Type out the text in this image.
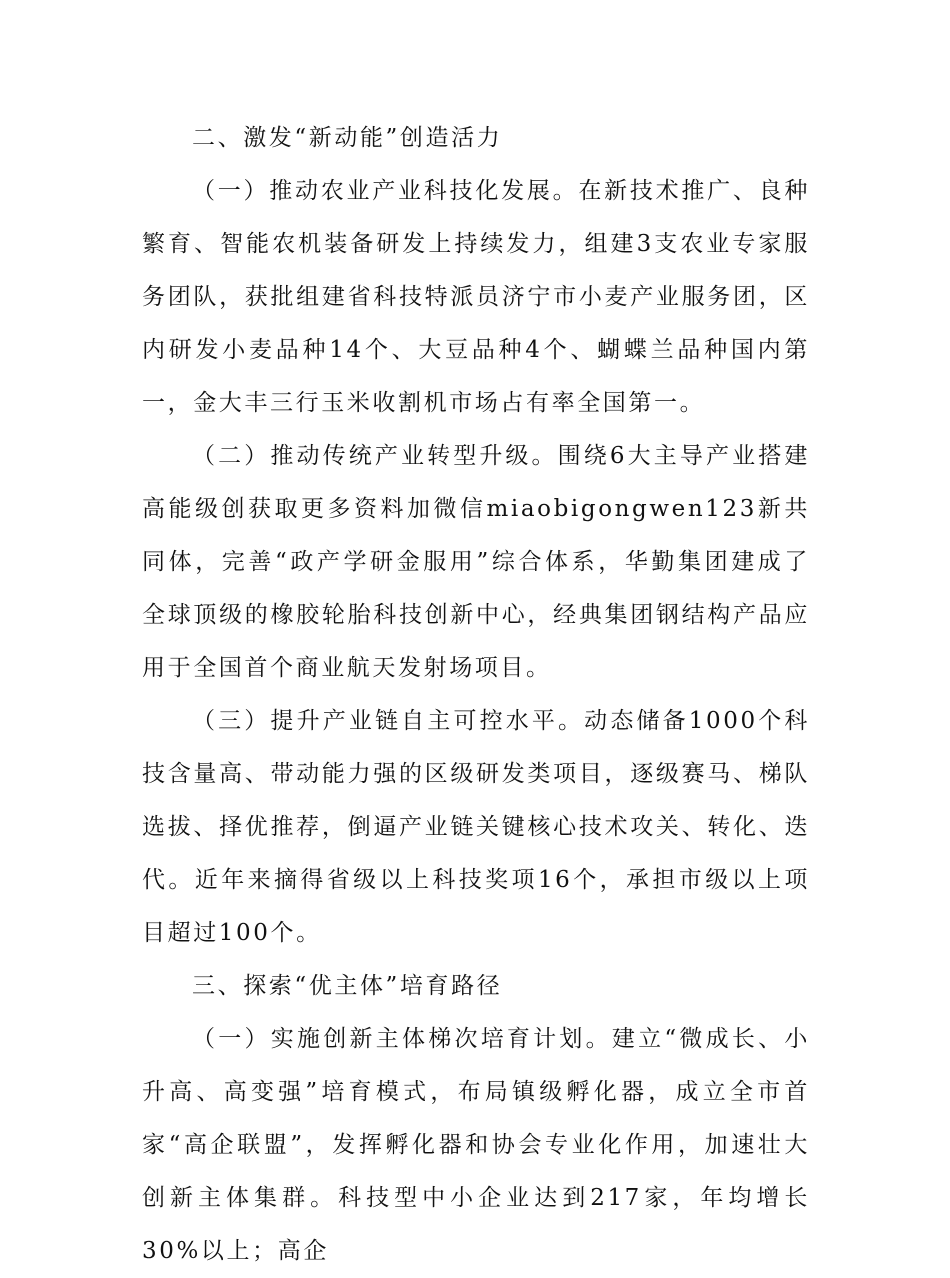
二、激发“新动能”创造活力

（一）推动农业产业科技化发展。在新技术推广、良种繁育、智能农机装备研发上持续发力，组建3支农业专家服务团队，获批组建省科技特派员济宁市小麦产业服务团，区内研发小麦品种14个、大豆品种4个、蝴蝶兰品种国内第一，金大丰三行玉米收割机市场占有率全国第一。

（二）推动传统产业转型升级。围绕6大主导产业搭建高能级创获取更多资料加微信miaobigongwen123新共同体，完善“政产学研金服用”综合体系，华勤集团建成了全球顶级的橡胶轮胎科技创新中心，经典集团钢结构产品应用于全国首个商业航天发射场项目。

（三）提升产业链自主可控水平。动态储备1000个科技含量高、带动能力强的区级研发类项目，逐级赛马、梯队选拔、择优推荐，倒逼产业链关键核心技术攻关、转化、迭代。近年来摘得省级以上科技奖项16个，承担市级以上项目超过100个。

三、探索“优主体”培育路径

（一）实施创新主体梯次培育计划。建立“微成长、小升高、高变强”培育模式，布局镇级孵化器，成立全市首家“高企联盟”，发挥孵化器和协会专业化作用，加速壮大创新主体集群。科技型中小企业达到217家，年均增长30%以上；高企
